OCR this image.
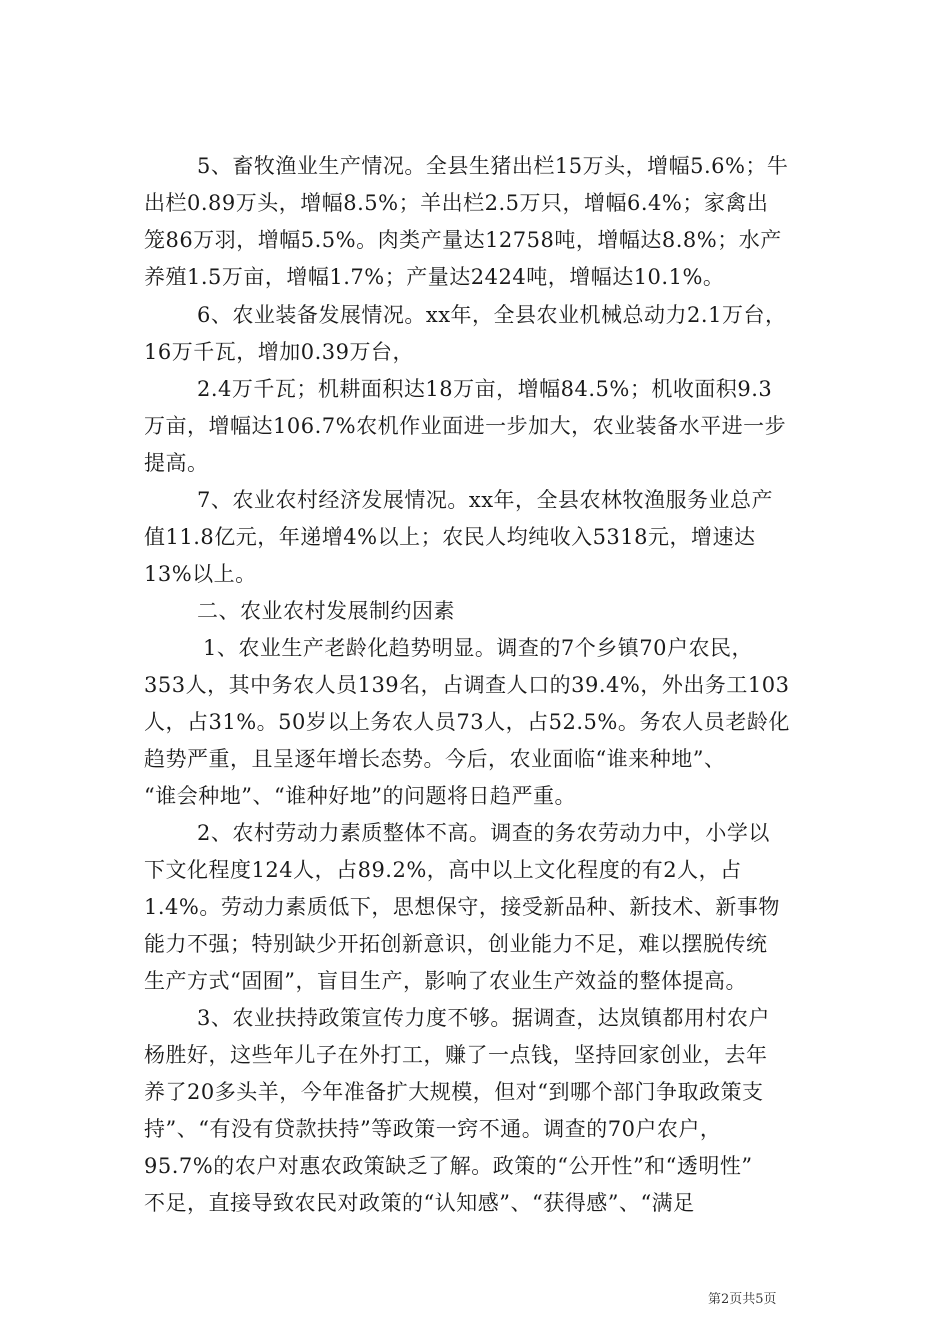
5、畜牧渔业生产情况。全县生猪出栏15万头，增幅5.6%；牛
出栏0.89万头，增幅8.5%；羊出栏2.5万只，增幅6.4%；家禽出
笼86万羽，增幅5.5%。肉类产量达12758吨，增幅达8.8%；水产
养殖1.5万亩，增幅1.7%；产量达2424吨，增幅达10.1%。
6、农业装备发展情况。xx年，全县农业机械总动力2.1万台，
16万千瓦，增加0.39万台，
2.4万千瓦；机耕面积达18万亩，增幅84.5%；机收面积9.3
万亩，增幅达106.7%农机作业面进一步加大，农业装备水平进一步
提高。
7、农业农村经济发展情况。xx年，全县农林牧渔服务业总产
值11.8亿元，年递增4%以上；农民人均纯收入5318元，增速达
13%以上。
二、农业农村发展制约因素
1、农业生产老龄化趋势明显。调查的7个乡镇70户农民，
353人，其中务农人员139名，占调查人口的39.4%，外出务工103
人，占31%。50岁以上务农人员73人，占52.5%。务农人员老龄化
趋势严重，且呈逐年增长态势。今后，农业面临“谁来种地”、
“谁会种地”、“谁种好地”的问题将日趋严重。
2、农村劳动力素质整体不高。调查的务农劳动力中，小学以
下文化程度124人，占89.2%，高中以上文化程度的有2人，占
1.4%。劳动力素质低下，思想保守，接受新品种、新技术、新事物
能力不强；特别缺少开拓创新意识，创业能力不足，难以摆脱传统
生产方式“固囿”，盲目生产，影响了农业生产效益的整体提高。
3、农业扶持政策宣传力度不够。据调查，达岚镇都用村农户
杨胜好，这些年儿子在外打工，赚了一点钱，坚持回家创业，去年
养了20多头羊，今年准备扩大规模，但对“到哪个部门争取政策支
持”、“有没有贷款扶持”等政策一窍不通。调查的70户农户，
95.7%的农户对惠农政策缺乏了解。政策的“公开性”和“透明性”
不足，直接导致农民对政策的“认知感”、“获得感”、“满足
第2页共5页
